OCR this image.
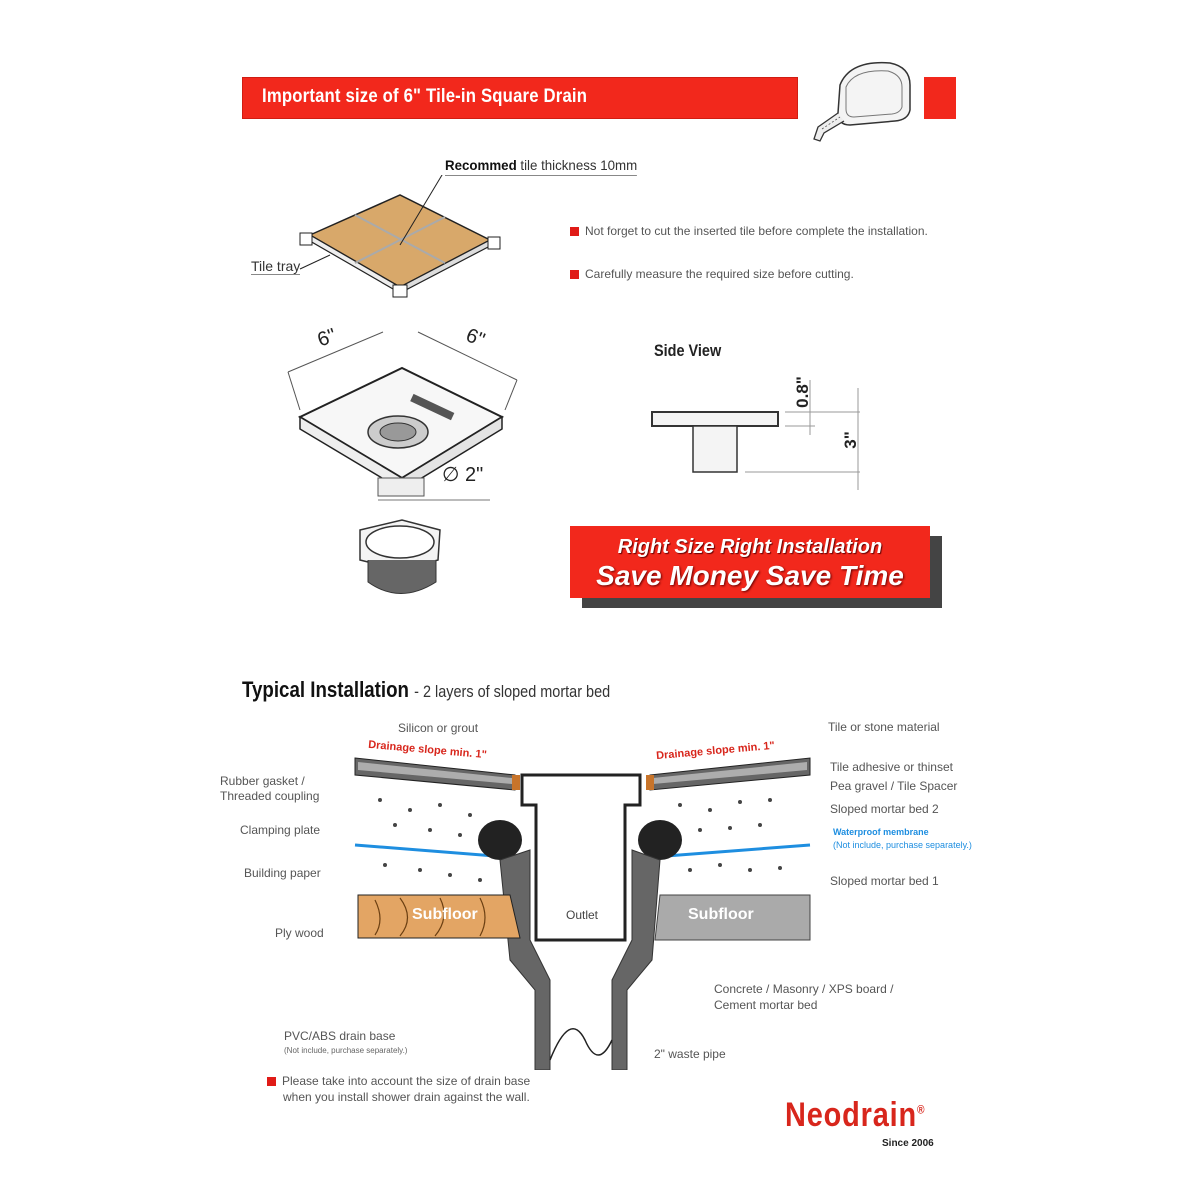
Important size of 6" Tile-in Square Drain
Recommed tile thickness 10mm
Tile tray
Not forget to cut the inserted tile before complete the installation.
Carefully measure the required size before cutting.
6"	6"
∅ 2"
Side View
0.8"
3"
Right Size Right Installation
Save Money Save Time
Typical Installation - 2 layers of sloped mortar bed
Drainage slope min. 1"	Drainage slope min. 1"
Subfloor	Subfloor
Outlet
Silicon or grout
Rubber gasket / Threaded coupling
Clamping plate
Building paper
Ply wood
Tile or stone material
Tile adhesive or thinset
Pea gravel / Tile Spacer
Sloped mortar bed 2
Waterproof membrane
(Not include, purchase separately.)
Sloped mortar bed 1
Concrete / Masonry / XPS board /
Cement mortar bed
PVC/ABS drain base
(Not include, purchase separately.)	2" waste pipe
Please take into account the size of drain base
when you install shower drain against the wall.	Neodrain®
Since 2006
